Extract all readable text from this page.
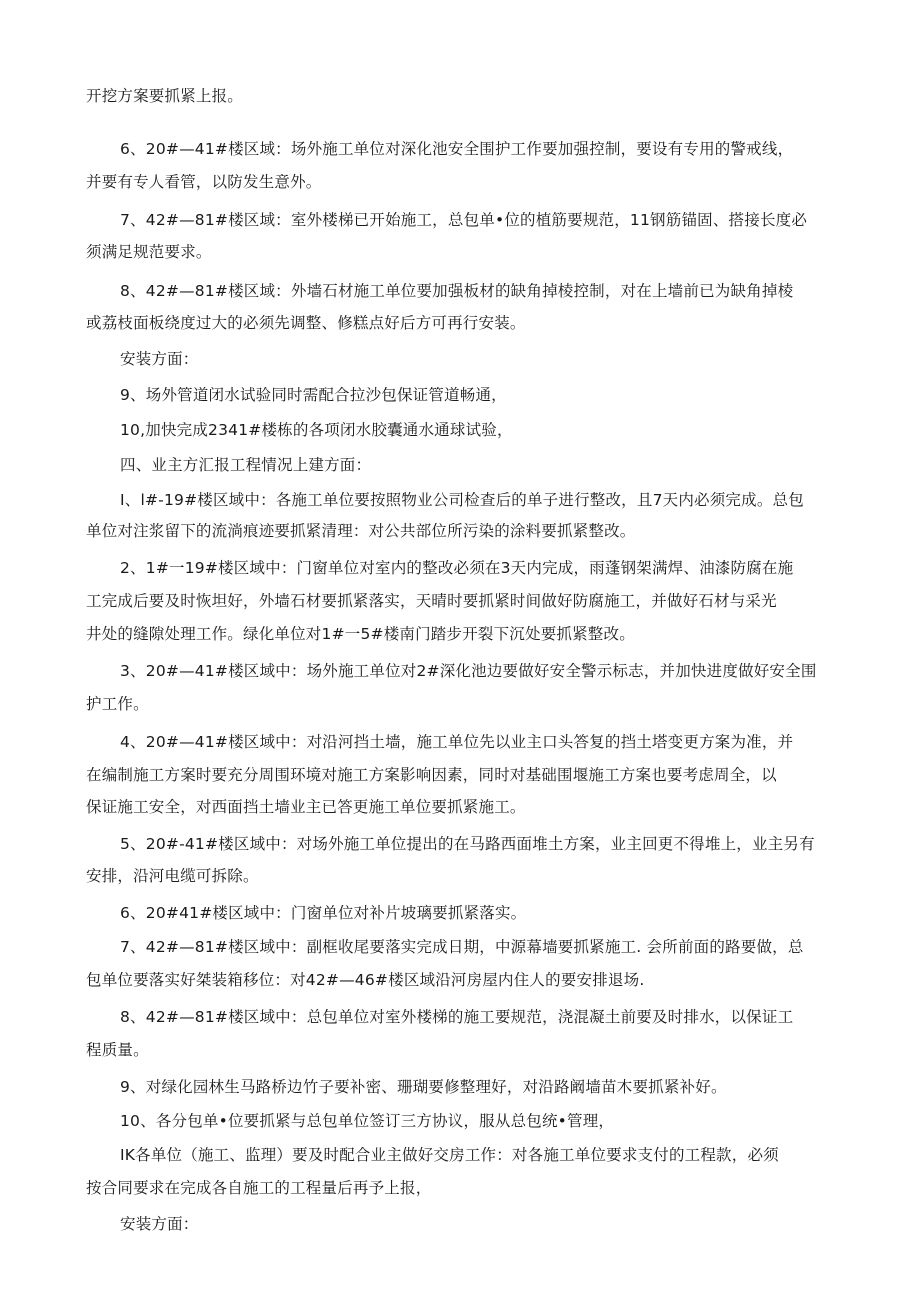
开挖方案要抓紧上报。
6、20#—41#楼区域：场外施工单位对深化池安全围护工作要加强控制，要设有专用的警戒线，
并要有专人看管，以防发生意外。
7、42#—81#楼区域：室外楼梯已开始施工，总包单•位的植筋要规范，11钢筋锚固、搭接长度必
须满足规范要求。
8、42#—81#楼区域：外墙石材施工单位要加强板材的缺角掉棱控制，对在上墙前已为缺角掉棱
或荔枝面板绕度过大的必须先调整、修糕点好后方可再行安装。
安装方面：
9、场外管道闭水试验同时需配合拉沙包保证管道畅通，
10,加快完成2341#楼栋的各项闭水胶囊通水通球试验，
四、业主方汇报工程情况上建方面：
I、l#-19#楼区域中：各施工单位要按照物业公司检查后的单子进行整改，且7天内必须完成。总包
单位对注浆留下的流淌痕迹要抓紧清理：对公共部位所污染的涂料要抓紧整改。
2、1#一19#楼区域中：门窗单位对室内的整改必须在3天内完成，雨蓬钢架满焊、油漆防腐在施
工完成后要及时恢坦好，外墙石材要抓紧落实，天晴时要抓紧时间做好防腐施工，并做好石材与采光
井处的缝隙处理工作。绿化单位对1#一5#楼南门踏步开裂下沉处要抓紧整改。
3、20#—41#楼区域中：场外施工单位对2#深化池边要做好安全警示标志，并加快进度做好安全围
护工作。
4、20#—41#楼区域中：对沿河挡土墙，施工单位先以业主口头答复的挡土塔变更方案为准，并
在编制施工方案时要充分周围环境对施工方案影响因素，同时对基础围堰施工方案也要考虑周全，以
保证施工安全，对西面挡土墙业主已答更施工单位要抓紧施工。
5、20#-41#楼区域中：对场外施工单位提出的在马路西面堆土方案，业主回更不得堆上，业主另有
安排，沿河电缆可拆除。
6、20#41#楼区域中：门窗单位对补片坡璃要抓紧落实。
7、42#—81#楼区域中：副框收尾要落实完成日期，中源幕墙要抓紧施工. 会所前面的路要做，总
包单位要落实好桀装箱移位：对42#—46#楼区域沿河房屋内住人的要安排退场.
8、42#—81#楼区域中：总包单位对室外楼梯的施工要规范，浇混凝土前要及时排水，以保证工
程质量。
9、对绿化园林生马路桥边竹子要补密、珊瑚要修整理好，对沿路阚墙苗木要抓紧补好。
10、各分包单•位要抓紧与总包单位签订三方协议，服从总包统•管理，
IK各单位（施工、监理）要及时配合业主做好交房工作：对各施工单位要求支付的工程款，必须
按合同要求在完成各自施工的工程量后再予上报，
安装方面：
